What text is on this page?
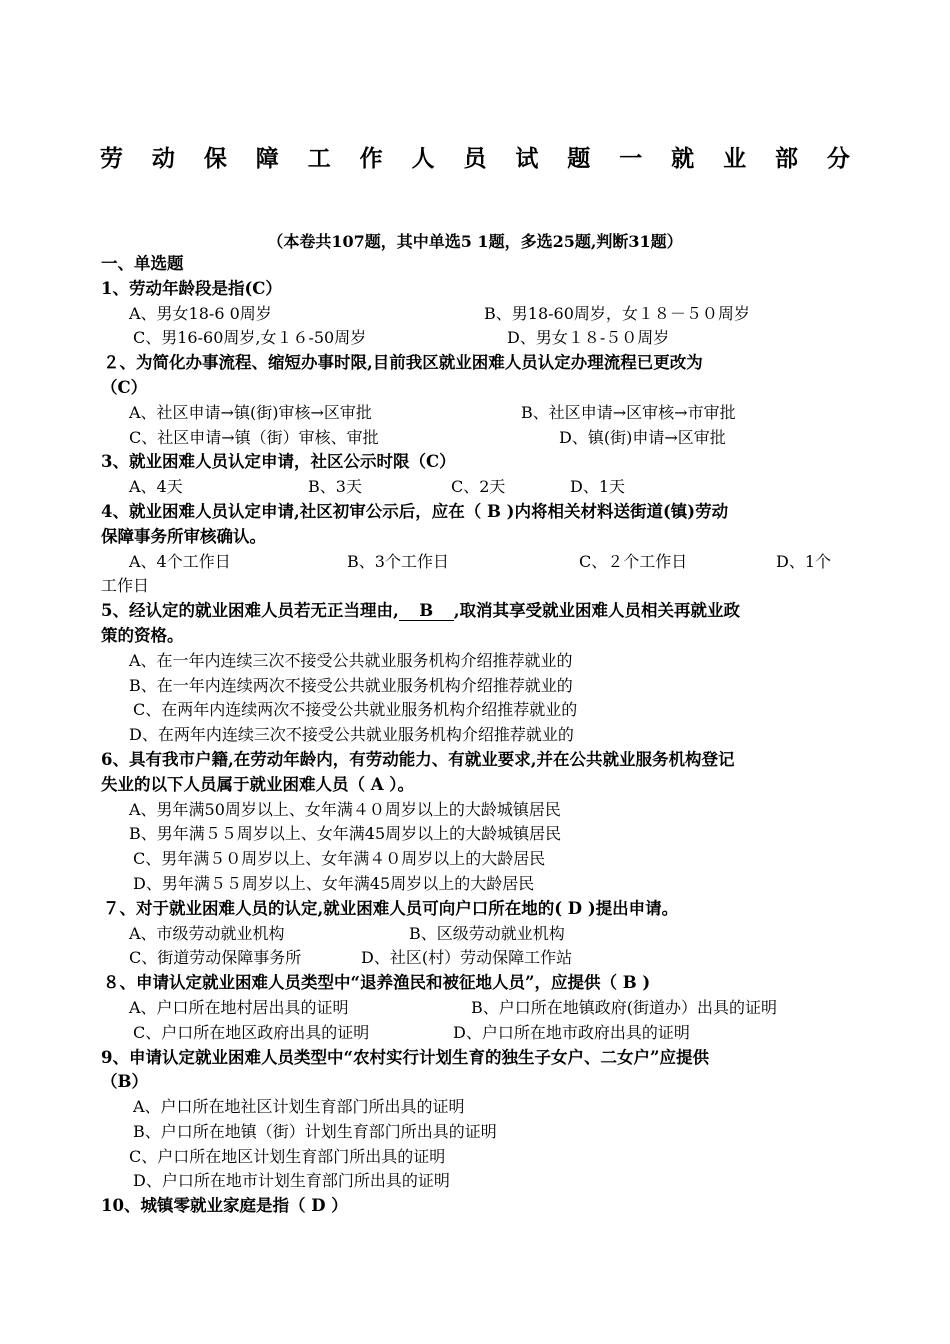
劳 动 保 障 工 作 人 员 试 题 一 就 业 部 分
（本卷共107题，其中单选5 1题，多选25题,判断31题）
一、单选题
1、劳动年龄段是指(C）
A、男女18-6 0周岁	B、男18-60周岁，女１８－５０周岁
C、男16-60周岁,女１６-50周岁	D、男女１８-５０周岁
２、为简化办事流程、缩短办事时限,目前我区就业困难人员认定办理流程已更改为
（C）
A、社区申请→镇(街)审核→区审批	B、社区申请→区审核→市审批
C、社区申请→镇（街）审核、审批	D、镇(街)申请→区审批
3、就业困难人员认定申请，社区公示时限（C）
A、4天	B、3天	C、2天	D、1天
4、就业困难人员认定申请,社区初审公示后，应在（ B )内将相关材料送街道(镇)劳动
保障事务所审核确认。
A、4个工作日	B、3个工作日	C、２个工作日	D、1个
工作日
5、经认定的就业困难人员若无正当理由, B ,取消其享受就业困难人员相关再就业政
策的资格。
A、在一年内连续三次不接受公共就业服务机构介绍推荐就业的
B、在一年内连续两次不接受公共就业服务机构介绍推荐就业的
C、在两年内连续两次不接受公共就业服务机构介绍推荐就业的
D、在两年内连续三次不接受公共就业服务机构介绍推荐就业的
6、具有我市户籍,在劳动年龄内，有劳动能力、有就业要求,并在公共就业服务机构登记
失业的以下人员属于就业困难人员（ A ）。
A、男年满50周岁以上、女年满４０周岁以上的大龄城镇居民
B、男年满５５周岁以上、女年满45周岁以上的大龄城镇居民
C、男年满５０周岁以上、女年满４０周岁以上的大龄居民
D、男年满５５周岁以上、女年满45周岁以上的大龄居民
７、对于就业困难人员的认定,就业困难人员可向户口所在地的( D )提出申请。
A、市级劳动就业机构	B、区级劳动就业机构
C、街道劳动保障事务所	D、社区(村）劳动保障工作站
８、申请认定就业困难人员类型中“退养渔民和被征地人员”，应提供（ B )
A、户口所在地村居出具的证明	B、户口所在地镇政府(街道办）出具的证明
C、户口所在地区政府出具的证明	D、户口所在地市政府出具的证明
9、申请认定就业困难人员类型中“农村实行计划生育的独生子女户、二女户”应提供
（B）
A、户口所在地社区计划生育部门所出具的证明
B、户口所在地镇（街）计划生育部门所出具的证明
C、户口所在地区计划生育部门所出具的证明
D、户口所在地市计划生育部门所出具的证明
10、城镇零就业家庭是指（ D ）
